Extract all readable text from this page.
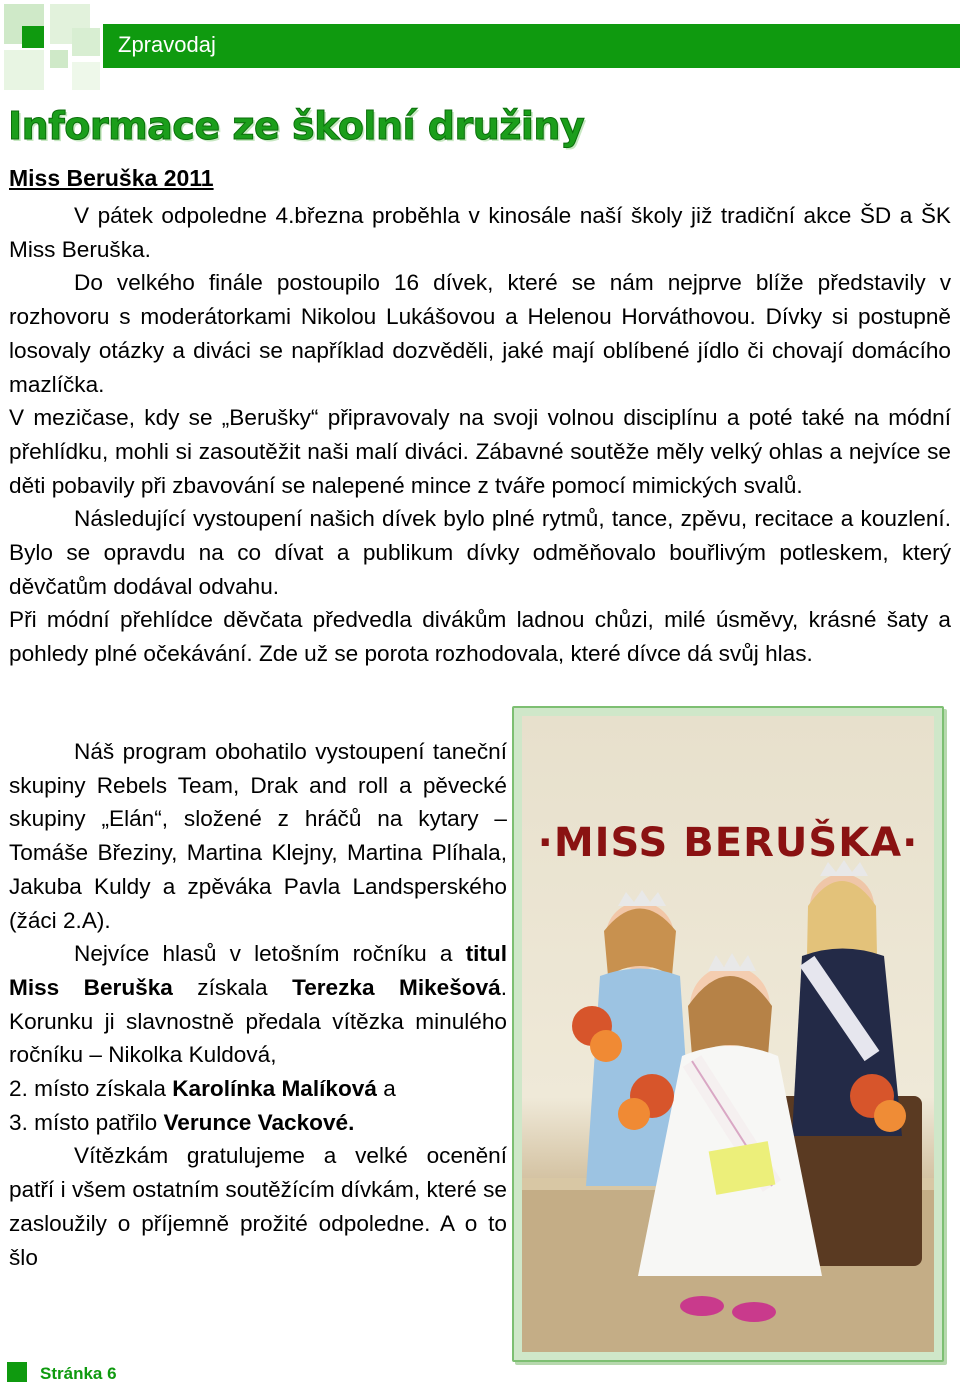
Zpravodaj
Informace ze školní družiny
Miss Beruška 2011

V pátek odpoledne 4.března proběhla v kinosále naší školy již tradiční akce ŠD a ŠK Miss Beruška.

Do velkého finále postoupilo 16 dívek, které se nám nejprve blíže představily v rozhovoru s moderátorkami Nikolou Lukášovou a Helenou Horváthovou. Dívky si postupně losovaly otázky a diváci se například dozvěděli, jaké mají oblíbené jídlo či chovají domácího mazlíčka.

V mezičase, kdy se „Berušky“ připravovaly na svoji volnou disciplínu a poté také na módní přehlídku, mohli si zasoutěžit naši malí diváci. Zábavné soutěže měly velký ohlas a nejvíce se děti pobavily při zbavování se nalepené mince z tváře pomocí mimických svalů.

Následující vystoupení našich dívek bylo plné rytmů, tance, zpěvu, recitace a kouzlení. Bylo se opravdu na co dívat a publikum dívky odměňovalo bouřlivým potleskem, který děvčatům dodával odvahu.

Při módní přehlídce děvčata předvedla divákům ladnou chůzi, milé úsměvy, krásné šaty a pohledy plné očekávání. Zde už se porota rozhodovala, které dívce dá svůj hlas.

Náš program obohatilo vystoupení taneční skupiny Rebels Team, Drak and roll a pěvecké skupiny „Elán“, složené z hráčů na kytary – Tomáše Březiny, Martina Klejny, Martina Plíhala, Jakuba Kuldy a zpěváka Pavla Landsperského (žáci 2.A).

Nejvíce hlasů v letošním ročníku a titul Miss Beruška získala Terezka Mikešová. Korunku ji slavnostně předala vítězka minulého ročníku – Nikolka Kuldová,

2. místo získala Karolínka Malíková a

3. místo patřilo Verunce Vackové.

Vítězkám gratulujeme a velké ocenění patří i všem ostatním soutěžícím dívkám, které se zasloužily o příjemně prožité odpoledne. A o to šlo

·MISS BERUŠKA·
Stránka 6
